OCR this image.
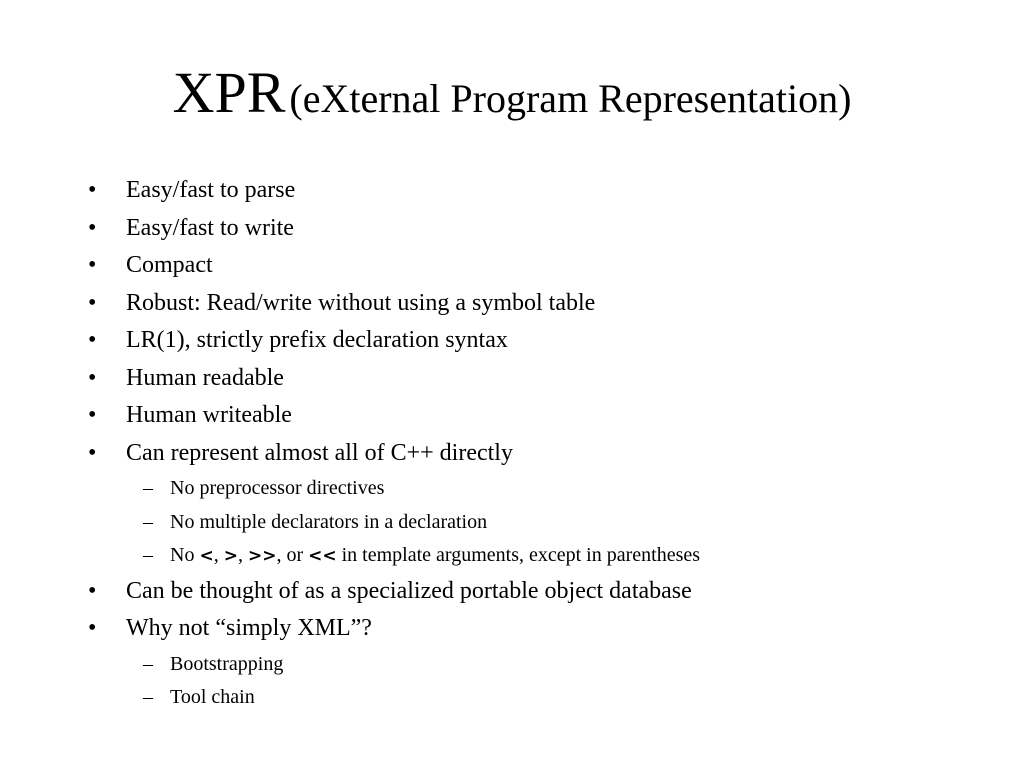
XPR (eXternal Program Representation)
• Easy/fast to parse
• Easy/fast to write
• Compact
• Robust: Read/write without using a symbol table
• LR(1), strictly prefix declaration syntax
• Human readable
• Human writeable
• Can represent almost all of C++ directly
– No preprocessor directives
– No multiple declarators in a declaration
– No <, >, >>, or << in template arguments, except in parentheses
• Can be thought of as a specialized portable object database
• Why not “simply XML”?
– Bootstrapping
– Tool chain
